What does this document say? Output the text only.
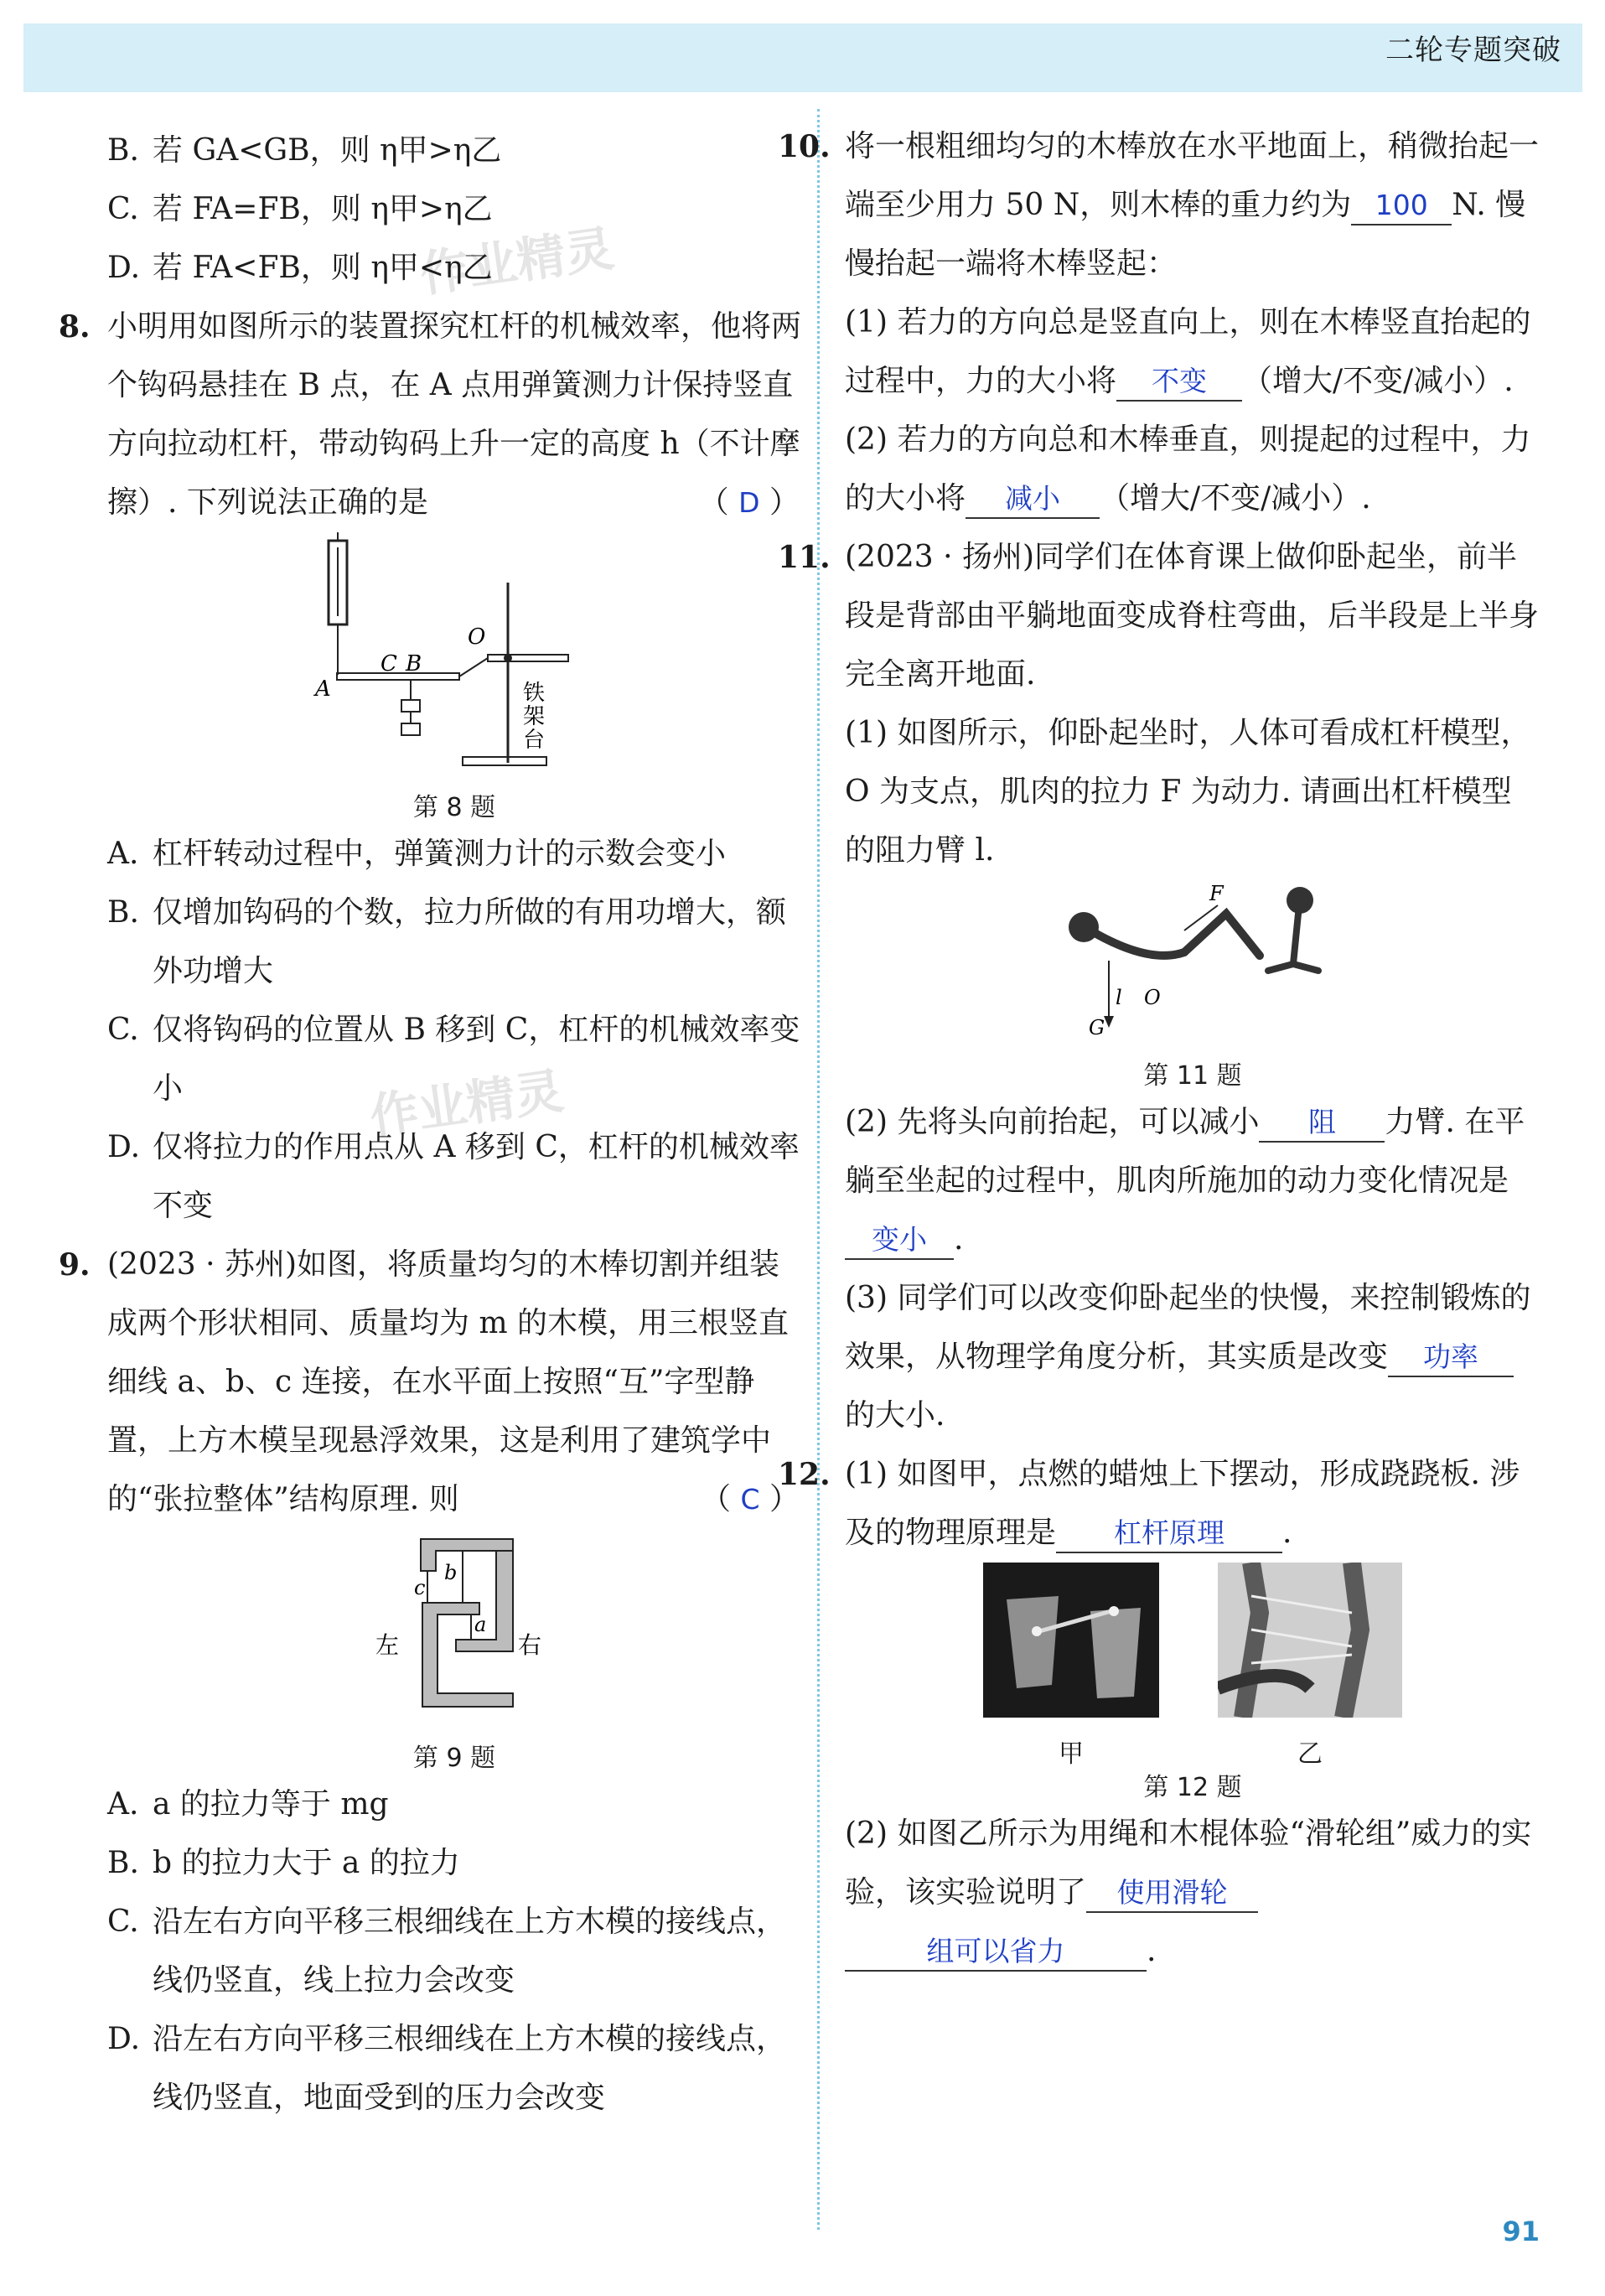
二轮专题突破
作业精灵
作业精灵
B. 若 GA<GB，则 η甲>η乙
C. 若 FA=FB，则 η甲>η乙
D. 若 FA<FB，则 η甲<η乙
8. 小明用如图所示的装置探究杠杆的机械效率，他将两个钩码悬挂在 B 点，在 A 点用弹簧测力计保持竖直方向拉动杠杆，带动钩码上升一定的高度 h（不计摩擦）. 下列说法正确的是	（ D ）
A
C B
O
铁
架
台
第 8 题
A. 杠杆转动过程中，弹簧测力计的示数会变小
B. 仅增加钩码的个数，拉力所做的有用功增大，额外功增大
C. 仅将钩码的位置从 B 移到 C，杠杆的机械效率变小
D. 仅将拉力的作用点从 A 移到 C，杠杆的机械效率不变
9. (2023 · 苏州)如图，将质量均匀的木棒切割并组装成两个形状相同、质量均为 m 的木模，用三根竖直细线 a、b、c 连接，在水平面上按照“互”字型静置，上方木模呈现悬浮效果，这是利用了建筑学中的“张拉整体”结构原理. 则	（ C ）
c
b
a
左	右
第 9 题
A. a 的拉力等于 mg
B. b 的拉力大于 a 的拉力
C. 沿左右方向平移三根细线在上方木模的接线点，线仍竖直，线上拉力会改变
D. 沿左右方向平移三根细线在上方木模的接线点，线仍竖直，地面受到的压力会改变
10. 将一根粗细均匀的木棒放在水平地面上，稍微抬起一端至少用力 50 N，则木棒的重力约为 100 N. 慢慢抬起一端将木棒竖起：
(1) 若力的方向总是竖直向上，则在木棒竖直抬起的过程中，力的大小将 不变 （增大/不变/减小）.
(2) 若力的方向总和木棒垂直，则提起的过程中，力的大小将 减小 （增大/不变/减小）.
11. (2023 · 扬州)同学们在体育课上做仰卧起坐，前半段是背部由平躺地面变成脊柱弯曲，后半段是上半身完全离开地面.
(1) 如图所示，仰卧起坐时，人体可看成杠杆模型，O 为支点，肌肉的拉力 F 为动力. 请画出杠杆模型的阻力臂 l.
F
O
l
G
第 11 题
(2) 先将头向前抬起，可以减小 阻 力臂. 在平躺至坐起的过程中，肌肉所施加的动力变化情况是变小 .
(3) 同学们可以改变仰卧起坐的快慢，来控制锻炼的效果，从物理学角度分析，其实质是改变 功率的大小.
12. (1) 如图甲，点燃的蜡烛上下摆动，形成跷跷板. 涉及的物理原理是 杠杆原理 .
甲	乙
第 12 题
(2) 如图乙所示为用绳和木棍体验“滑轮组”威力的实验，该实验说明了 使用滑轮
组可以省力	.
91
